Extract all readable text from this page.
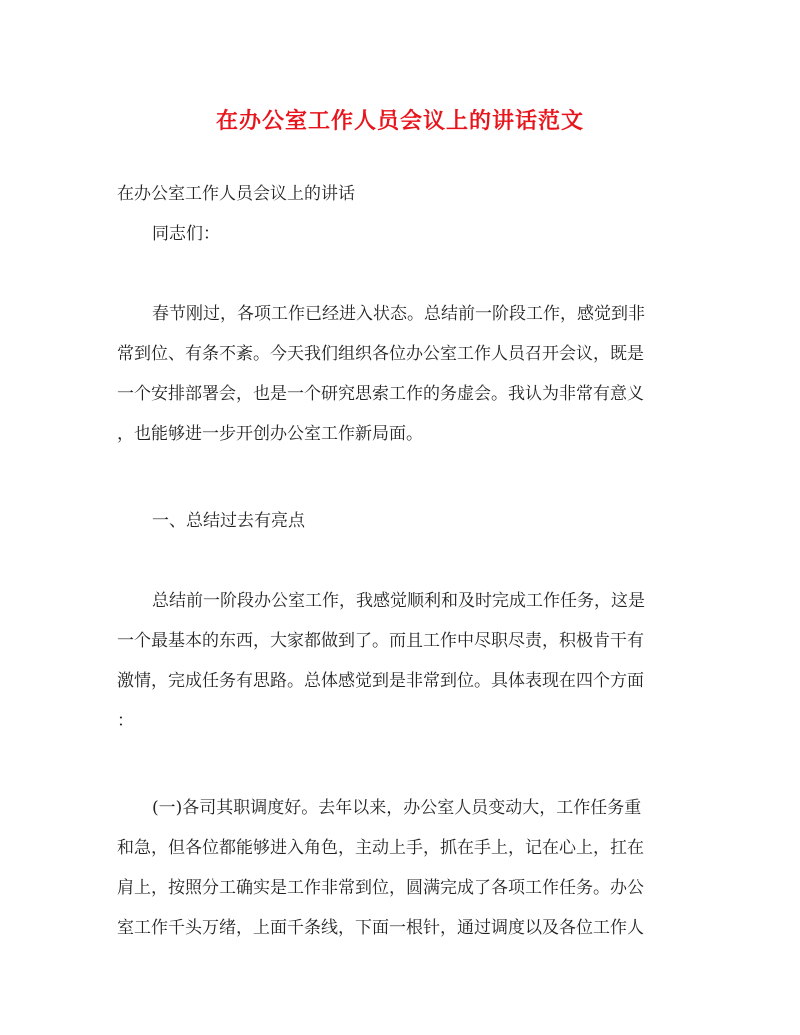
在办公室工作人员会议上的讲话范文
在办公室工作人员会议上的讲话
同志们：
春节刚过，各项工作已经进入状态。总结前一阶段工作，感觉到非
常到位、有条不紊。今天我们组织各位办公室工作人员召开会议，既是
一个安排部署会，也是一个研究思索工作的务虚会。我认为非常有意义
，也能够进一步开创办公室工作新局面。
一、总结过去有亮点
总结前一阶段办公室工作，我感觉顺利和及时完成工作任务，这是
一个最基本的东西，大家都做到了。而且工作中尽职尽责，积极肯干有
激情，完成任务有思路。总体感觉到是非常到位。具体表现在四个方面
：
(一)各司其职调度好。去年以来，办公室人员变动大，工作任务重
和急，但各位都能够进入角色，主动上手，抓在手上，记在心上，扛在
肩上，按照分工确实是工作非常到位，圆满完成了各项工作任务。办公
室工作千头万绪，上面千条线，下面一根针，通过调度以及各位工作人
